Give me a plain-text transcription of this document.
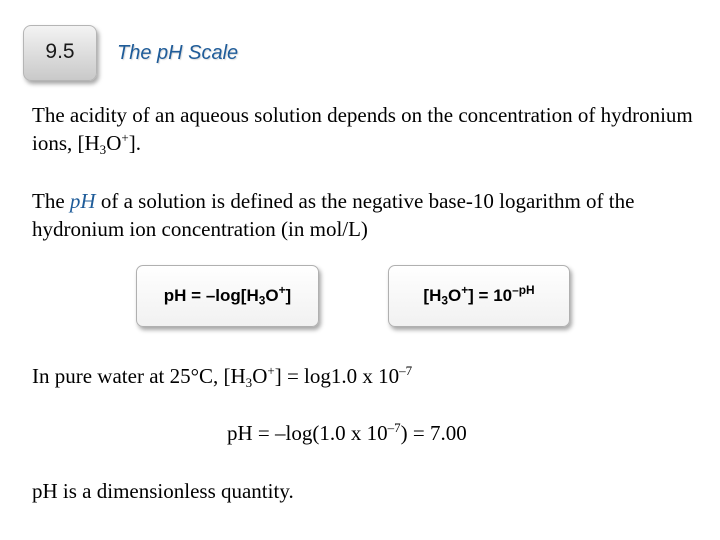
9.5 The pH Scale
The acidity of an aqueous solution depends on the concentration of hydronium ions, $[H_3O^+]$.
The pH of a solution is defined as the negative base-10 logarithm of the hydronium ion concentration (in mol/L)
pH = $-\log[H_3O^+]$	$[H_3O^+] = 10^{-pH}$
In pure water at 25°C, $[H_3O^+] = \log 1.0$ x $10^{-7}$
pH = –log(1.0 x $10^{-7}) = 7.00$
pH is a dimensionless quantity.
